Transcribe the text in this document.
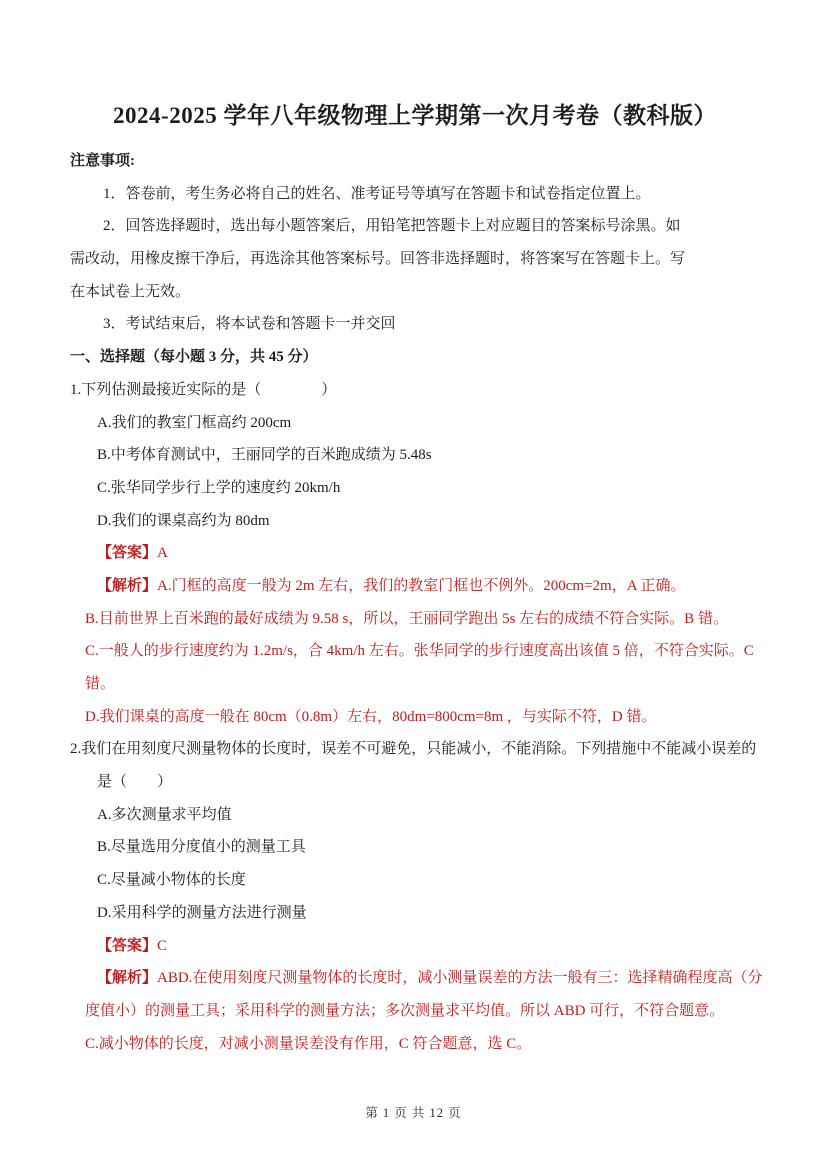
2024-2025 学年八年级物理上学期第一次月考卷（教科版）
注意事项:
1．答卷前，考生务必将自己的姓名、准考证号等填写在答题卡和试卷指定位置上。
2．回答选择题时，选出每小题答案后，用铅笔把答题卡上对应题目的答案标号涂黑。如
需改动，用橡皮擦干净后，再选涂其他答案标号。回答非选择题时，将答案写在答题卡上。写
在本试卷上无效。
3．考试结束后，将本试卷和答题卡一并交回
一、选择题（每小题 3 分，共 45 分）
1.下列估测最接近实际的是（　　　　）
A.我们的教室门框高约 200cm
B.中考体育测试中，王丽同学的百米跑成绩为 5.48s
C.张华同学步行上学的速度约 20km/h
D.我们的课桌高约为 80dm
【答案】A
【解析】A.门框的高度一般为 2m 左右，我们的教室门框也不例外。200cm=2m，A 正确。
B.目前世界上百米跑的最好成绩为 9.58 s，所以，王丽同学跑出 5s 左右的成绩不符合实际。B 错。
C.一般人的步行速度约为 1.2m/s，合 4km/h 左右。张华同学的步行速度高出该值 5 倍，不符合实际。C
错。
D.我们课桌的高度一般在 80cm（0.8m）左右，80dm=800cm=8m ，与实际不符，D 错。
2.我们在用刻度尺测量物体的长度时，误差不可避免，只能减小，不能消除。下列措施中不能减小误差的
是（　　）
A.多次测量求平均值
B.尽量选用分度值小的测量工具
C.尽量减小物体的长度
D.采用科学的测量方法进行测量
【答案】C
【解析】ABD.在使用刻度尺测量物体的长度时，减小测量误差的方法一般有三：选择精确程度高（分
度值小）的测量工具；采用科学的测量方法；多次测量求平均值。所以 ABD 可行，不符合题意。
C.减小物体的长度，对减小测量误差没有作用，C 符合题意，选 C。
第 1 页 共 12 页
